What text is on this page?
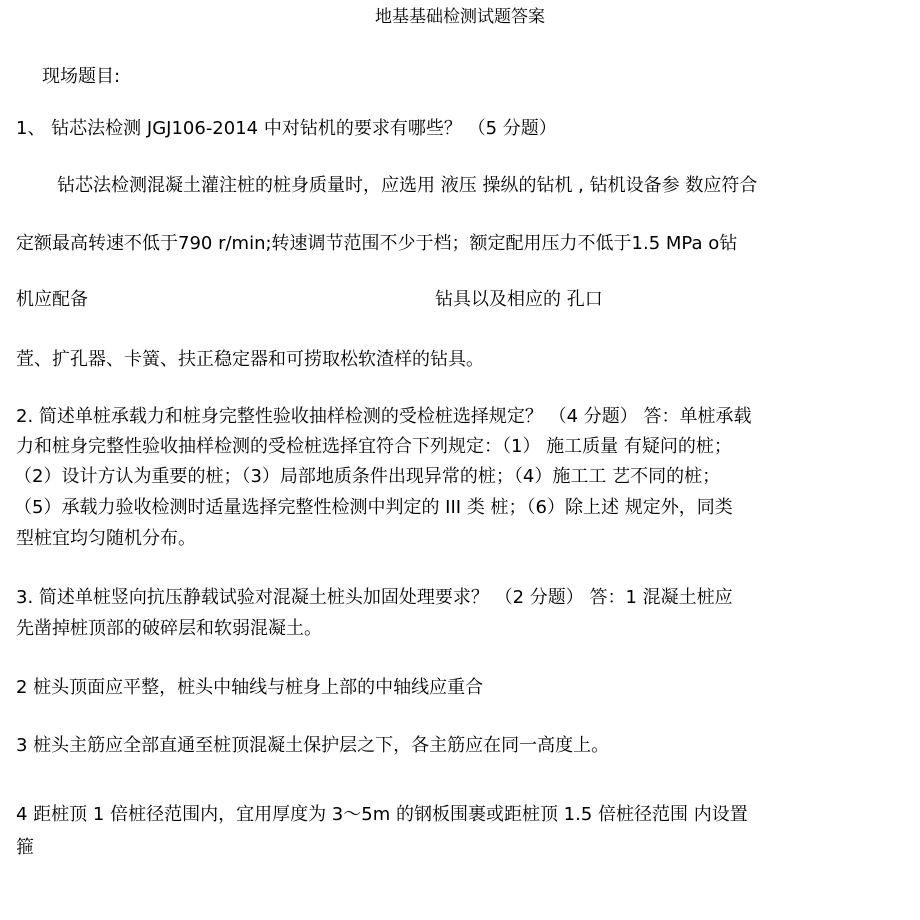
地基基础检测试题答案
现场题目:
1、 钻芯法检测 JGJ106-2014 中对钻机的要求有哪些？ （5 分题）
钻芯法检测混凝土灌注桩的桩身质量时，应选用 液压 操纵的钻机 , 钻机设备参 数应符合
定额最高转速不低于790 r/min;转速调节范围不少于档；额定配用压力不低于1.5 MPa o钻
机应配备	钻具以及相应的 孔口
萓、扩孔器、卡簧、扶正稳定器和可捞取松软渣样的钻具。
2. 简述单桩承载力和桩身完整性验收抽样检测的受检桩选择规定？ （4 分题） 答：单桩承载
力和桩身完整性验收抽样检测的受检桩选择宜符合下列规定：（1） 施工质量 有疑问的桩；
（2）设计方认为重要的桩；（3）局部地质条件出现异常的桩；（4）施工工 艺不同的桩；
（5）承载力验收检测时适量选择完整性检测中判定的 III 类 桩；（6）除上述 规定外，同类
型桩宜均匀随机分布。
3. 简述单桩竖向抗压静载试验对混凝土桩头加固处理要求？ （2 分题） 答：1 混凝土桩应
先凿掉桩顶部的破碎层和软弱混凝土。
2 桩头顶面应平整，桩头中轴线与桩身上部的中轴线应重合
3 桩头主筋应全部直通至桩顶混凝土保护层之下，各主筋应在同一高度上。
4 距桩顶 1 倍桩径范围内，宜用厚度为 3〜5m 的钢板围裹或距桩顶 1.5 倍桩径范围 内设置
箍
